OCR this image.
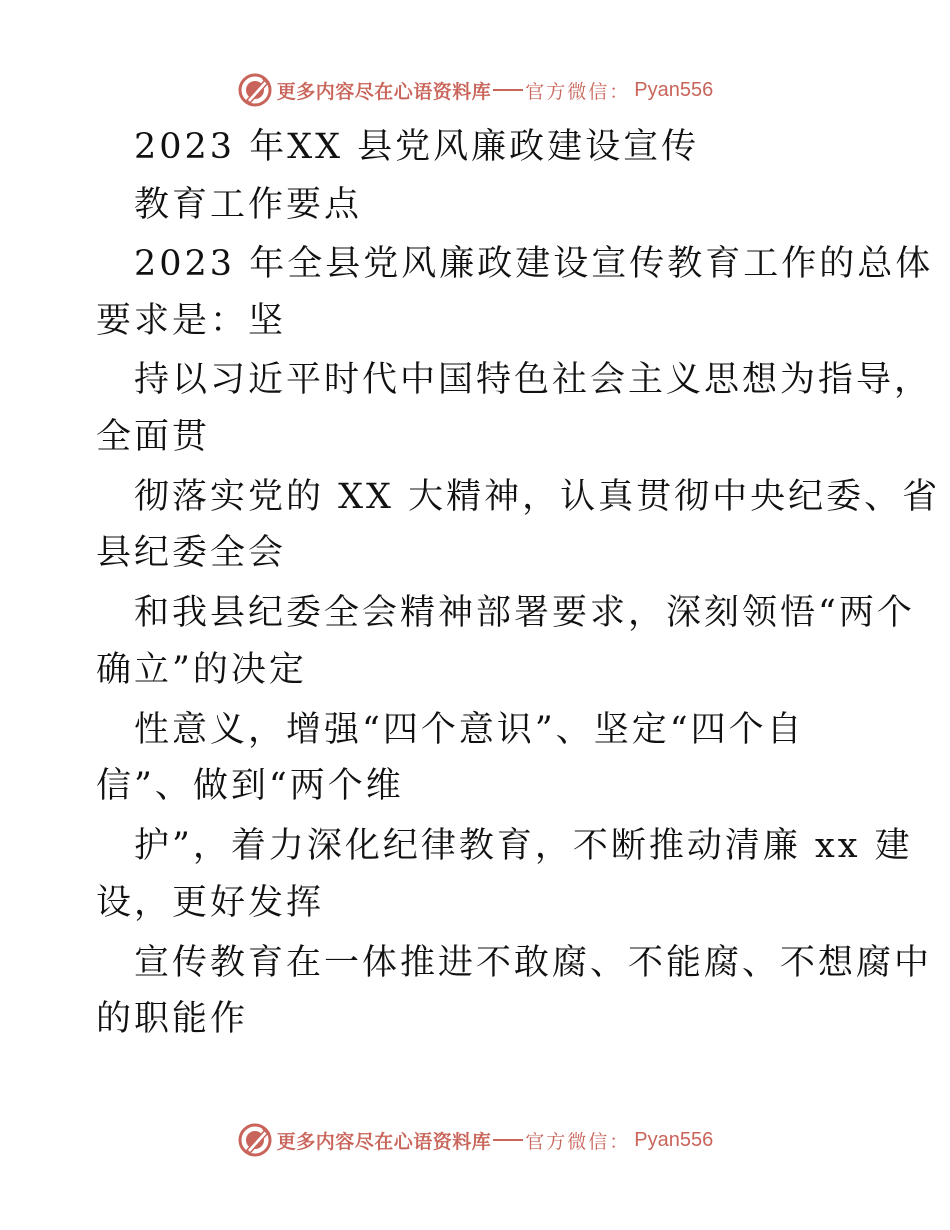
更多内容尽在心语资料库 官方微信： Pyan556
2023 年XX 县党风廉政建设宣传
教育工作要点
2023 年全县党风廉政建设宣传教育工作的总体
要求是：坚
持以习近平时代中国特色社会主义思想为指导，
全面贯
彻落实党的 XX 大精神，认真贯彻中央纪委、省
县纪委全会
和我县纪委全会精神部署要求，深刻领悟“两个
确立”的决定
性意义，增强“四个意识”、坚定“四个自
信”、做到“两个维
护”，着力深化纪律教育，不断推动清廉 xx 建
设，更好发挥
宣传教育在一体推进不敢腐、不能腐、不想腐中
的职能作
更多内容尽在心语资料库 官方微信： Pyan556
